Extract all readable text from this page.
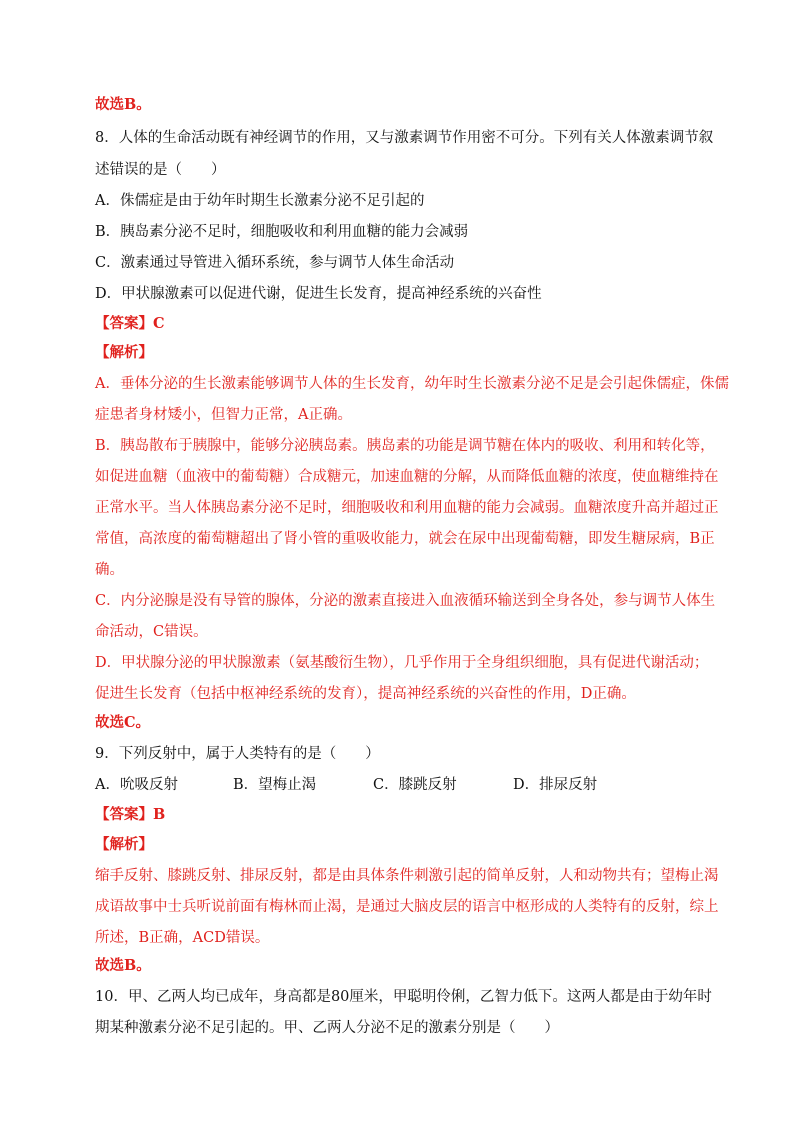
故选B。
8．人体的生命活动既有神经调节的作用，又与激素调节作用密不可分。下列有关人体激素调节叙
述错误的是（　　）
A．侏儒症是由于幼年时期生长激素分泌不足引起的
B．胰岛素分泌不足时，细胞吸收和利用血糖的能力会减弱
C．激素通过导管进入循环系统，参与调节人体生命活动
D．甲状腺激素可以促进代谢，促进生长发育，提高神经系统的兴奋性
【答案】C
【解析】
A．垂体分泌的生长激素能够调节人体的生长发育，幼年时生长激素分泌不足是会引起侏儒症，侏儒
症患者身材矮小，但智力正常，A正确。
B．胰岛散布于胰腺中，能够分泌胰岛素。胰岛素的功能是调节糖在体内的吸收、利用和转化等，
如促进血糖（血液中的葡萄糖）合成糖元，加速血糖的分解，从而降低血糖的浓度，使血糖维持在
正常水平。当人体胰岛素分泌不足时，细胞吸收和利用血糖的能力会减弱。血糖浓度升高并超过正
常值，高浓度的葡萄糖超出了肾小管的重吸收能力，就会在尿中出现葡萄糖，即发生糖尿病，B正
确。
C．内分泌腺是没有导管的腺体，分泌的激素直接进入血液循环输送到全身各处，参与调节人体生
命活动，C错误。
D．甲状腺分泌的甲状腺激素（氨基酸衍生物），几乎作用于全身组织细胞，具有促进代谢活动；
促进生长发育（包括中枢神经系统的发育），提高神经系统的兴奋性的作用，D正确。
故选C。
9．下列反射中，属于人类特有的是（　　）
A．吮吸反射	B．望梅止渴	C．膝跳反射	D．排尿反射
【答案】B
【解析】
缩手反射、膝跳反射、排尿反射，都是由具体条件刺激引起的简单反射，人和动物共有；望梅止渴
成语故事中士兵听说前面有梅林而止渴，是通过大脑皮层的语言中枢形成的人类特有的反射，综上
所述，B正确，ACD错误。
故选B。
10．甲、乙两人均已成年，身高都是80厘米，甲聪明伶俐，乙智力低下。这两人都是由于幼年时
期某种激素分泌不足引起的。甲、乙两人分泌不足的激素分别是（　　）
